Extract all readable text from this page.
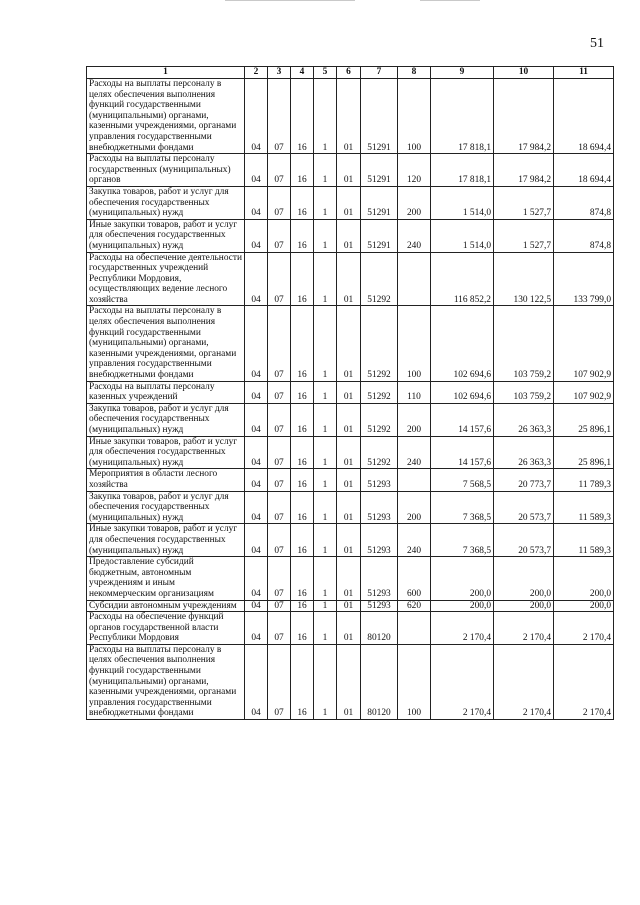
51
1	2	3	4	5	6	7	8	9	10	11
Расходы на выплаты персоналу в целях обеспечения выполнения функций государственными (муниципальными) органами, казенными учреждениями, органами управления государственными внебюджетными фондами	04	07	16	1	01	51291	100	17 818,1	17 984,2	18 694,4
Расходы на выплаты персоналу государственных (муниципальных) органов	04	07	16	1	01	51291	120	17 818,1	17 984,2	18 694,4
Закупка товаров, работ и услуг для обеспечения государственных (муниципальных) нужд	04	07	16	1	01	51291	200	1 514,0	1 527,7	874,8
Иные закупки товаров, работ и услуг для обеспечения государственных (муниципальных) нужд	04	07	16	1	01	51291	240	1 514,0	1 527,7	874,8
Расходы на обеспечение деятельности государственных учреждений Республики Мордовия, осуществляющих ведение лесного хозяйства	04	07	16	1	01	51292		116 852,2	130 122,5	133 799,0
Расходы на выплаты персоналу в целях обеспечения выполнения функций государственными (муниципальными) органами, казенными учреждениями, органами управления государственными внебюджетными фондами	04	07	16	1	01	51292	100	102 694,6	103 759,2	107 902,9
Расходы на выплаты персоналу казенных учреждений	04	07	16	1	01	51292	110	102 694,6	103 759,2	107 902,9
Закупка товаров, работ и услуг для обеспечения государственных (муниципальных) нужд	04	07	16	1	01	51292	200	14 157,6	26 363,3	25 896,1
Иные закупки товаров, работ и услуг для обеспечения государственных (муниципальных) нужд	04	07	16	1	01	51292	240	14 157,6	26 363,3	25 896,1
Мероприятия в области лесного хозяйства	04	07	16	1	01	51293		7 568,5	20 773,7	11 789,3
Закупка товаров, работ и услуг для обеспечения государственных (муниципальных) нужд	04	07	16	1	01	51293	200	7 368,5	20 573,7	11 589,3
Иные закупки товаров, работ и услуг для обеспечения государственных (муниципальных) нужд	04	07	16	1	01	51293	240	7 368,5	20 573,7	11 589,3
Предоставление субсидий бюджетным, автономным учреждениям и иным некоммерческим организациям	04	07	16	1	01	51293	600	200,0	200,0	200,0
Субсидии автономным учреждениям	04	07	16	1	01	51293	620	200,0	200,0	200,0
Расходы на обеспечение функций органов государственной власти Республики Мордовия	04	07	16	1	01	80120		2 170,4	2 170,4	2 170,4
Расходы на выплаты персоналу в целях обеспечения выполнения функций государственными (муниципальными) органами, казенными учреждениями, органами управления государственными внебюджетными фондами	04	07	16	1	01	80120	100	2 170,4	2 170,4	2 170,4
